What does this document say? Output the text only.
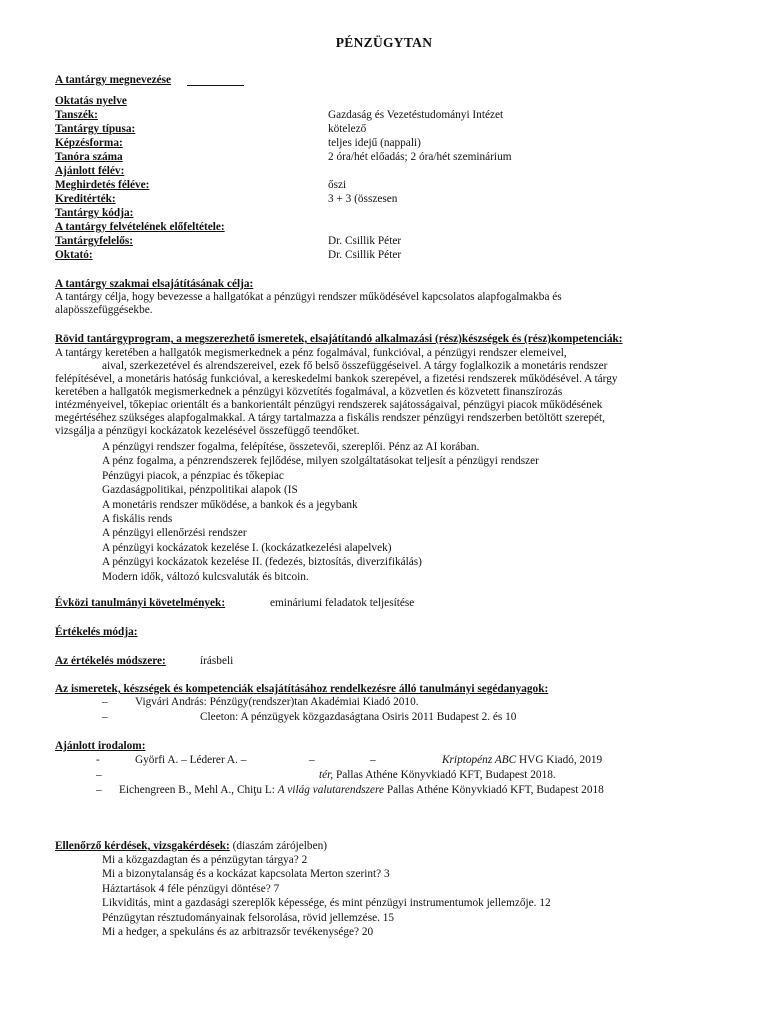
PÉNZÜGYTAN
A tantárgy megnevezése
Oktatás nyelve
Tanszék:	Gazdaság és Vezetéstudományi Intézet
Tantárgy típusa:	kötelező
Képzésforma:	teljes idejű (nappali)
Tanóra száma	2 óra/hét előadás; 2 óra/hét szeminárium
Ajánlott félév:
Meghirdetés féléve:	őszi
Kreditérték:	3 + 3 (összesen
Tantárgy kódja:
A tantárgy felvételének előfeltétele:
Tantárgyfelelős:	Dr. Csillik Péter
Oktató:	Dr. Csillik Péter
A tantárgy szakmai elsajátításának célja:
A tantárgy célja, hogy bevezesse a hallgatókat a pénzügyi rendszer működésével kapcsolatos alapfogalmakba és
alapösszefüggésekbe.
Rövid tantárgyprogram, a megszerezhető ismeretek, elsajátítandó alkalmazási (rész)készségek és (rész)kompetenciák:
A tantárgy keretében a hallgatók megismerkednek a pénz fogalmával, funkcióval, a pénzügyi rendszer elemeivel,
aival, szerkezetével és alrendszereivel, ezek fő belső összefüggéseivel. A tárgy foglalkozik a monetáris rendszer
felépítésével, a monetáris hatóság funkcióval, a kereskedelmi bankok szerepével, a fizetési rendszerek működésével. A tárgy
keretében a hallgatók megismerkednek a pénzügyi közvetítés fogalmával, a közvetlen és közvetett finanszírozás
intézményeivel, tőkepiac orientált és a bankorientált pénzügyi rendszerek sajátosságaival, pénzügyi piacok működésének
megértéséhez szükséges alapfogalmakkal. A tárgy tartalmazza a fiskális rendszer pénzügyi rendszerben betöltött szerepét,
vizsgálja a pénzügyi kockázatok kezelésével összefüggő teendőket.
A pénzügyi rendszer fogalma, felépítése, összetevői, szereplői. Pénz az AI korában.
A pénz fogalma, a pénzrendszerek fejlődése, milyen szolgáltatásokat teljesít a pénzügyi rendszer
Pénzügyi piacok, a pénzpiac és tőkepiac
Gazdaságpolitikai, pénzpolitikai alapok (IS
A monetáris rendszer működése, a bankok és a jegybank
A fiskális rends
A pénzügyi ellenőrzési rendszer
A pénzügyi kockázatok kezelése I. (kockázatkezelési alapelvek)
A pénzügyi kockázatok kezelése II. (fedezés, biztosítás, diverzifikálás)
Modern idők, változó kulcsvaluták és bitcoin.
Évközi tanulmányi követelmények:	emináriumi feladatok teljesítése
Értékelés módja:
Az értékelés módszere:	írásbeli
Az ismeretek, készségek és kompetenciák elsajátításához rendelkezésre álló tanulmányi segédanyagok:
– Vigvári András: Pénzügy(rendszer)tan Akadémiai Kiadó 2010.
–	Cleeton: A pénzügyek közgazdaságtana Osiris 2011 Budapest 2. és 10
Ajánlott irodalom:
-	Györfi A. – Léderer A. –	–	–	Kriptopénz ABC HVG Kiadó, 2019
–	tér, Pallas Athéne Könyvkiadó KFT, Budapest 2018.
– Eichengreen B., Mehl A., Chiţu L: A világ valutarendszere Pallas Athéne Könyvkiadó KFT, Budapest 2018
Ellenőrző kérdések, vizsgakérdések: (diaszám zárójelben)
Mi a közgazdagtan és a pénzügytan tárgya? 2
Mi a bizonytalanság és a kockázat kapcsolata Merton szerint? 3
Háztartások 4 féle pénzügyi döntése? 7
Likviditás, mint a gazdasági szereplők képessége, és mint pénzügyi instrumentumok jellemzője. 12
Pénzügytan résztudományainak felsorolása, rövid jellemzése. 15
Mi a hedger, a spekuláns és az arbitrazsőr tevékenysége? 20
